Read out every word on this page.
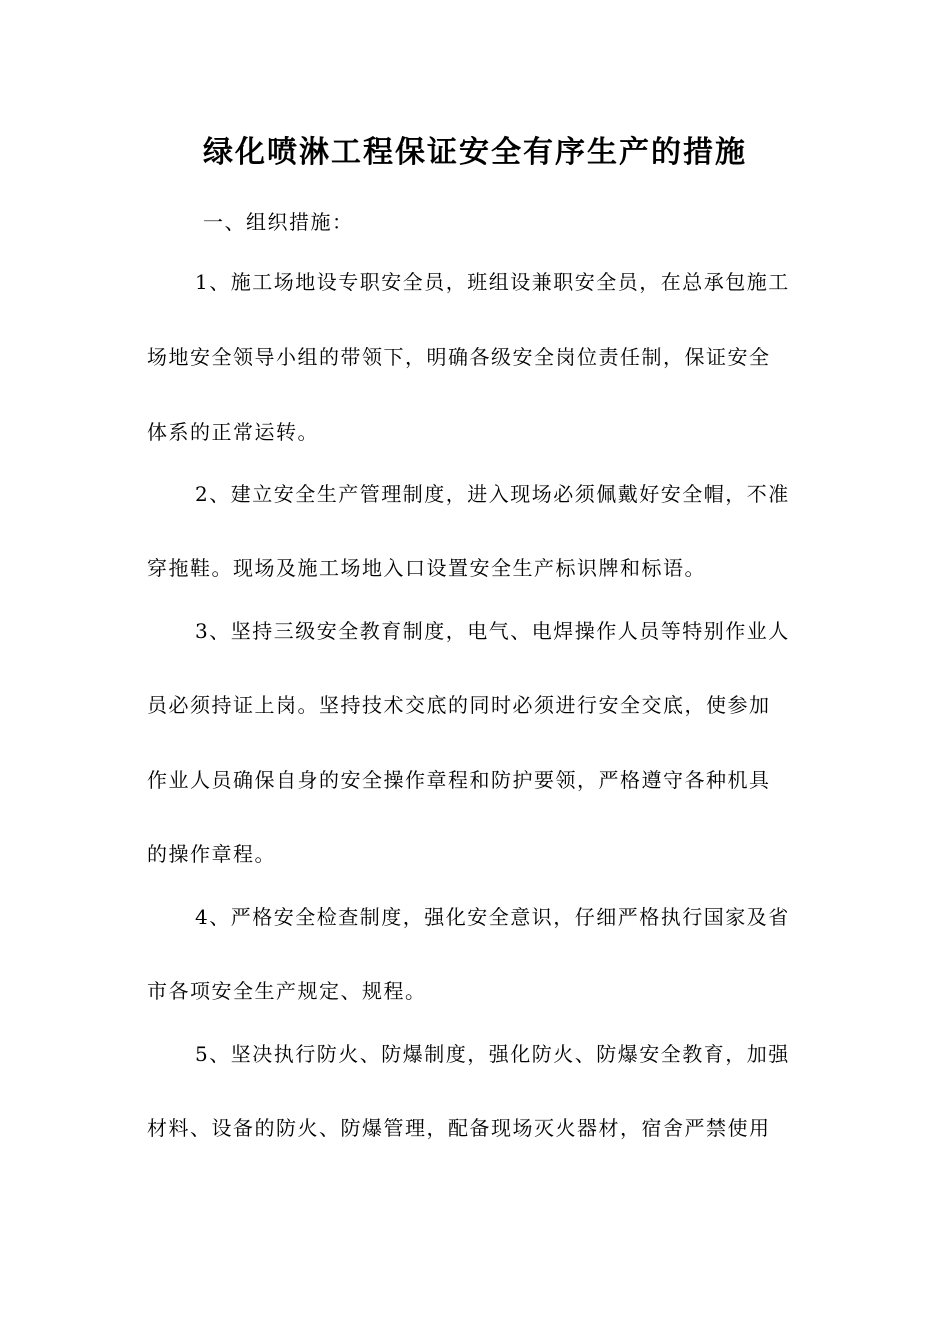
绿化喷淋工程保证安全有序生产的措施
一、组织措施：
1、施工场地设专职安全员，班组设兼职安全员，在总承包施工
场地安全领导小组的带领下，明确各级安全岗位责任制，保证安全
体系的正常运转。
2、建立安全生产管理制度，进入现场必须佩戴好安全帽，不准
穿拖鞋。现场及施工场地入口设置安全生产标识牌和标语。
3、坚持三级安全教育制度，电气、电焊操作人员等特别作业人
员必须持证上岗。坚持技术交底的同时必须进行安全交底，使参加
作业人员确保自身的安全操作章程和防护要领，严格遵守各种机具
的操作章程。
4、严格安全检查制度，强化安全意识，仔细严格执行国家及省
市各项安全生产规定、规程。
5、坚决执行防火、防爆制度，强化防火、防爆安全教育，加强
材料、设备的防火、防爆管理，配备现场灭火器材，宿舍严禁使用
